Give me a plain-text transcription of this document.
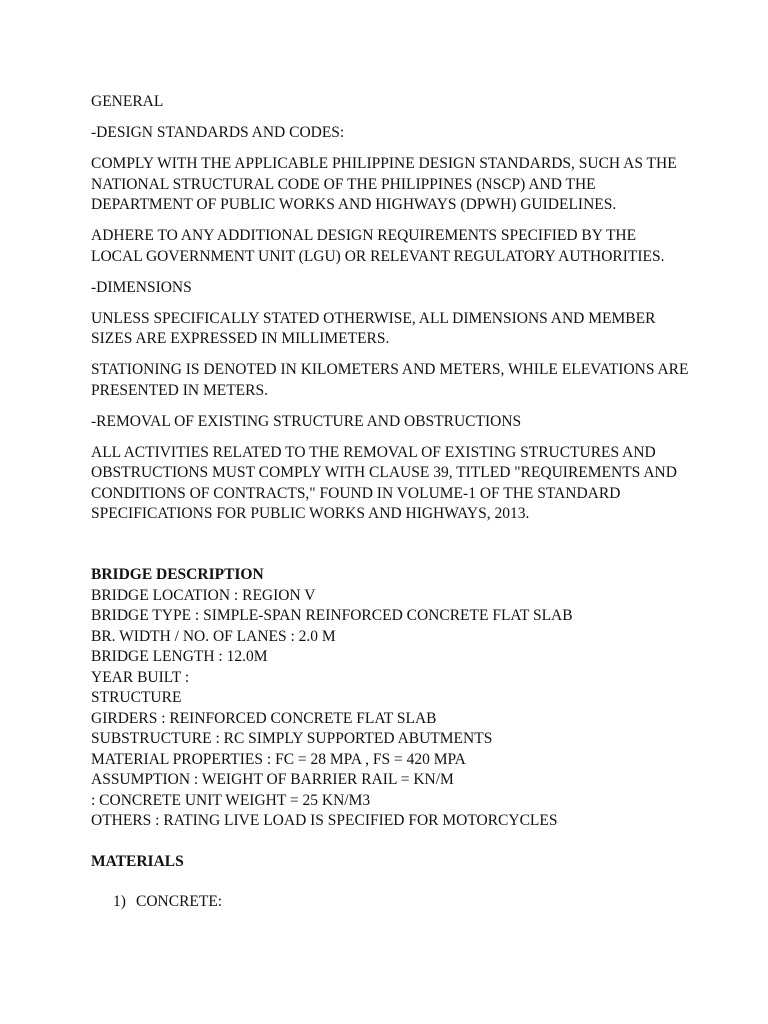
GENERAL

-DESIGN STANDARDS AND CODES:

COMPLY WITH THE APPLICABLE PHILIPPINE DESIGN STANDARDS, SUCH AS THE NATIONAL STRUCTURAL CODE OF THE PHILIPPINES (NSCP) AND THE DEPARTMENT OF PUBLIC WORKS AND HIGHWAYS (DPWH) GUIDELINES.

ADHERE TO ANY ADDITIONAL DESIGN REQUIREMENTS SPECIFIED BY THE LOCAL GOVERNMENT UNIT (LGU) OR RELEVANT REGULATORY AUTHORITIES.

-DIMENSIONS

UNLESS SPECIFICALLY STATED OTHERWISE, ALL DIMENSIONS AND MEMBER SIZES ARE EXPRESSED IN MILLIMETERS.

STATIONING IS DENOTED IN KILOMETERS AND METERS, WHILE ELEVATIONS ARE PRESENTED IN METERS.

-REMOVAL OF EXISTING STRUCTURE AND OBSTRUCTIONS

ALL ACTIVITIES RELATED TO THE REMOVAL OF EXISTING STRUCTURES AND OBSTRUCTIONS MUST COMPLY WITH CLAUSE 39, TITLED "REQUIREMENTS AND CONDITIONS OF CONTRACTS," FOUND IN VOLUME-1 OF THE STANDARD SPECIFICATIONS FOR PUBLIC WORKS AND HIGHWAYS, 2013.

BRIDGE DESCRIPTION

BRIDGE LOCATION : REGION V

BRIDGE TYPE : SIMPLE-SPAN REINFORCED CONCRETE FLAT SLAB

BR. WIDTH / NO. OF LANES : 2.0 M

BRIDGE LENGTH : 12.0M

YEAR BUILT :

STRUCTURE

GIRDERS : REINFORCED CONCRETE FLAT SLAB

SUBSTRUCTURE : RC SIMPLY SUPPORTED ABUTMENTS

MATERIAL PROPERTIES : FC = 28 MPA , FS = 420 MPA

ASSUMPTION : WEIGHT OF BARRIER RAIL = KN/M

: CONCRETE UNIT WEIGHT = 25 KN/M3

OTHERS : RATING LIVE LOAD IS SPECIFIED FOR MOTORCYCLES

MATERIALS

1) CONCRETE:
